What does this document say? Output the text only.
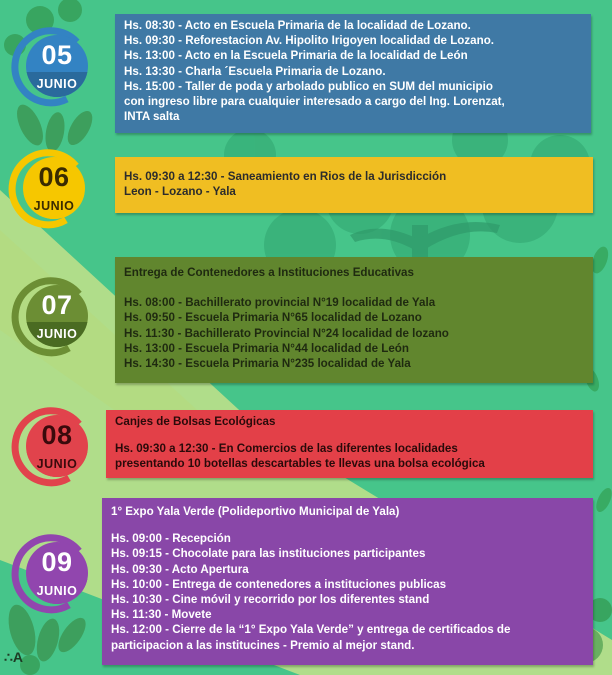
∴A
05
JUNIO
Hs. 08:30 - Acto en Escuela Primaria de la localidad de Lozano.
Hs. 09:30 - Reforestacion Av. Hipolito Irigoyen localidad de Lozano.
Hs. 13:00 - Acto en la Escuela Primaria de la localidad de León
Hs. 13:30 - Charla ´Escuela Primaria de Lozano.
Hs. 15:00 - Taller de poda y arbolado publico en SUM del municipio
con ingreso libre para cualquier interesado a cargo del Ing. Lorenzat,
INTA salta
06
JUNIO
Hs. 09:30 a 12:30 - Saneamiento en Rios de la Jurisdicción
Leon - Lozano - Yala
07
JUNIO
Entrega de Contenedores a Instituciones Educativas
Hs. 08:00 - Bachillerato provincial N°19 localidad de Yala
Hs. 09:50 - Escuela Primaria N°65 localidad de Lozano
Hs. 11:30 - Bachillerato Provincial N°24 localidad de lozano
Hs. 13:00 - Escuela Primaria N°44 localidad de León
Hs. 14:30 - Escuela Primaria N°235 localidad de Yala
08
JUNIO
Canjes de Bolsas Ecológicas
Hs. 09:30 a 12:30 - En Comercios de las diferentes localidades
presentando 10 botellas descartables te llevas una bolsa ecológica
09
JUNIO
1° Expo Yala Verde (Polideportivo Municipal de Yala)
Hs. 09:00 - Recepción
Hs. 09:15 - Chocolate para las instituciones participantes
Hs. 09:30 - Acto Apertura
Hs. 10:00 - Entrega de contenedores a instituciones publicas
Hs. 10:30 - Cine móvil y recorrido por los diferentes stand
Hs. 11:30 - Movete
Hs. 12:00 - Cierre de la “1° Expo Yala Verde” y entrega de certificados de
participacion a las institucines - Premio al mejor stand.
